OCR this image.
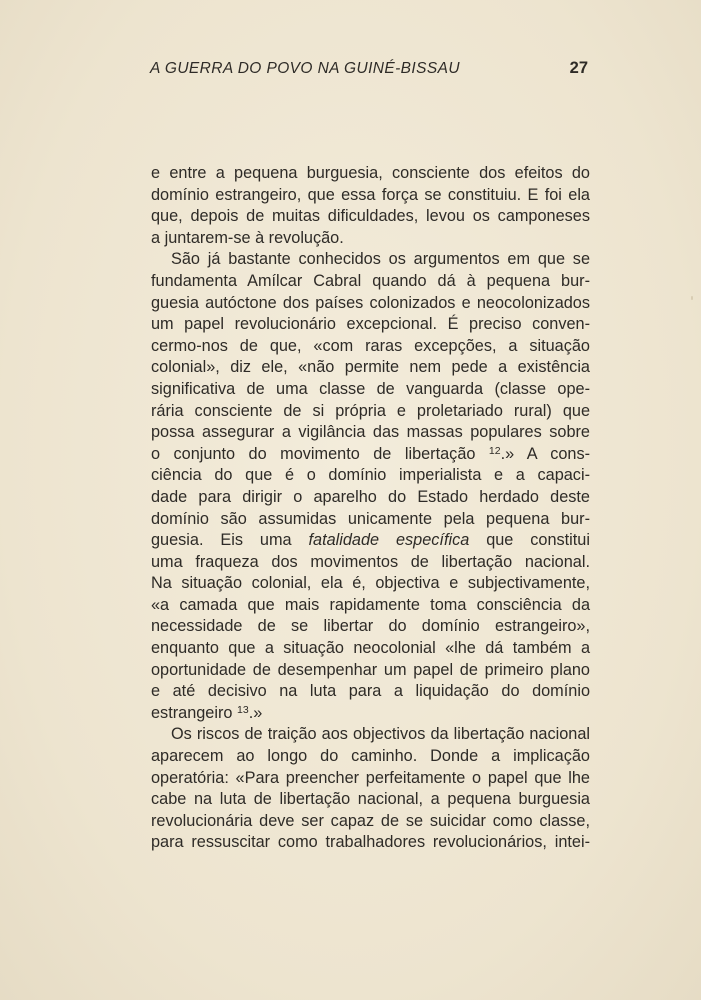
A GUERRA DO POVO NA GUINÉ-BISSAU	27
e entre a pequena burguesia, consciente dos efeitos do
domínio estrangeiro, que essa força se constituiu. E foi ela
que, depois de muitas dificuldades, levou os camponeses
a juntarem-se à revolução.
São já bastante conhecidos os argumentos em que se
fundamenta Amílcar Cabral quando dá à pequena bur-
guesia autóctone dos países colonizados e neocolonizados
um papel revolucionário excepcional. É preciso conven-
cermo-nos de que, «com raras excepções, a situação
colonial», diz ele, «não permite nem pede a existência
significativa de uma classe de vanguarda (classe ope-
rária consciente de si própria e proletariado rural) que
possa assegurar a vigilância das massas populares sobre
o conjunto do movimento de libertação $^{12}$.» A cons-
ciência do que é o domínio imperialista e a capaci-
dade para dirigir o aparelho do Estado herdado deste
domínio são assumidas unicamente pela pequena bur-
guesia. Eis uma fatalidade específica que constitui
uma fraqueza dos movimentos de libertação nacional.
Na situação colonial, ela é, objectiva e subjectivamente,
«a camada que mais rapidamente toma consciência da
necessidade de se libertar do domínio estrangeiro»,
enquanto que a situação neocolonial «lhe dá também a
oportunidade de desempenhar um papel de primeiro plano
e até decisivo na luta para a liquidação do domínio
estrangeiro $^{13}$.»
Os riscos de traição aos objectivos da libertação nacional
aparecem ao longo do caminho. Donde a implicação
operatória: «Para preencher perfeitamente o papel que lhe
cabe na luta de libertação nacional, a pequena burguesia
revolucionária deve ser capaz de se suicidar como classe,
para ressuscitar como trabalhadores revolucionários, intei-
